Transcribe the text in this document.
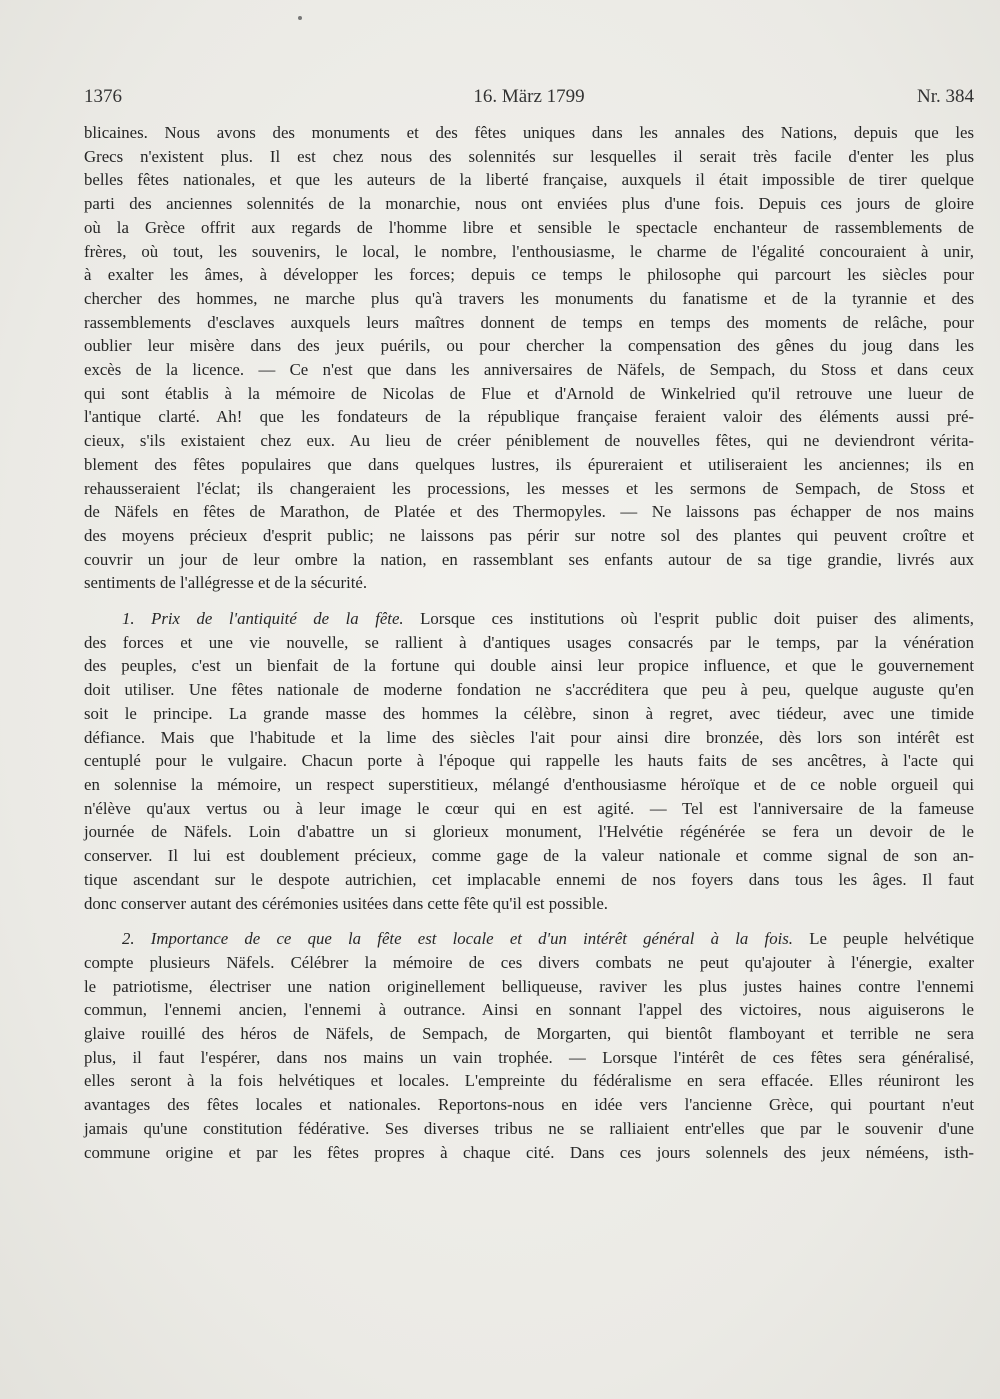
1376	16. März 1799	Nr. 384

blicaines. Nous avons des monuments et des fêtes uniques dans les annales des Nations, depuis que les
Grecs n'existent plus. Il est chez nous des solennités sur lesquelles il serait très facile d'enter les plus
belles fêtes nationales, et que les auteurs de la liberté française, auxquels il était impossible de tirer quelque
parti des anciennes solennités de la monarchie, nous ont enviées plus d'une fois. Depuis ces jours de gloire
où la Grèce offrit aux regards de l'homme libre et sensible le spectacle enchanteur de rassemblements de
frères, où tout, les souvenirs, le local, le nombre, l'enthousiasme, le charme de l'égalité concouraient à unir,
à exalter les âmes, à développer les forces; depuis ce temps le philosophe qui parcourt les siècles pour
chercher des hommes, ne marche plus qu'à travers les monuments du fanatisme et de la tyrannie et des
rassemblements d'esclaves auxquels leurs maîtres donnent de temps en temps des moments de relâche, pour
oublier leur misère dans des jeux puérils, ou pour chercher la compensation des gênes du joug dans les
excès de la licence. — Ce n'est que dans les anniversaires de Näfels, de Sempach, du Stoss et dans ceux
qui sont établis à la mémoire de Nicolas de Flue et d'Arnold de Winkelried qu'il retrouve une lueur de
l'antique clarté. Ah! que les fondateurs de la république française feraient valoir des éléments aussi pré-
cieux, s'ils existaient chez eux. Au lieu de créer péniblement de nouvelles fêtes, qui ne deviendront vérita-
blement des fêtes populaires que dans quelques lustres, ils épureraient et utiliseraient les anciennes; ils en
rehausseraient l'éclat; ils changeraient les processions, les messes et les sermons de Sempach, de Stoss et
de Näfels en fêtes de Marathon, de Platée et des Thermopyles. — Ne laissons pas échapper de nos mains
des moyens précieux d'esprit public; ne laissons pas périr sur notre sol des plantes qui peuvent croître et
couvrir un jour de leur ombre la nation, en rassemblant ses enfants autour de sa tige grandie, livrés aux
sentiments de l'allégresse et de la sécurité.

1. Prix de l'antiquité de la fête. Lorsque ces institutions où l'esprit public doit puiser des aliments,
des forces et une vie nouvelle, se rallient à d'antiques usages consacrés par le temps, par la vénération
des peuples, c'est un bienfait de la fortune qui double ainsi leur propice influence, et que le gouvernement
doit utiliser. Une fêtes nationale de moderne fondation ne s'accréditera que peu à peu, quelque auguste qu'en
soit le principe. La grande masse des hommes la célèbre, sinon à regret, avec tiédeur, avec une timide
défiance. Mais que l'habitude et la lime des siècles l'ait pour ainsi dire bronzée, dès lors son intérêt est
centuplé pour le vulgaire. Chacun porte à l'époque qui rappelle les hauts faits de ses ancêtres, à l'acte qui
en solennise la mémoire, un respect superstitieux, mélangé d'enthousiasme héroïque et de ce noble orgueil qui
n'élève qu'aux vertus ou à leur image le cœur qui en est agité. — Tel est l'anniversaire de la fameuse
journée de Näfels. Loin d'abattre un si glorieux monument, l'Helvétie régénérée se fera un devoir de le
conserver. Il lui est doublement précieux, comme gage de la valeur nationale et comme signal de son an-
tique ascendant sur le despote autrichien, cet implacable ennemi de nos foyers dans tous les âges. Il faut
donc conserver autant des cérémonies usitées dans cette fête qu'il est possible.

2. Importance de ce que la fête est locale et d'un intérêt général à la fois. Le peuple helvétique
compte plusieurs Näfels. Célébrer la mémoire de ces divers combats ne peut qu'ajouter à l'énergie, exalter
le patriotisme, électriser une nation originellement belliqueuse, raviver les plus justes haines contre l'ennemi
commun, l'ennemi ancien, l'ennemi à outrance. Ainsi en sonnant l'appel des victoires, nous aiguiserons le
glaive rouillé des héros de Näfels, de Sempach, de Morgarten, qui bientôt flamboyant et terrible ne sera
plus, il faut l'espérer, dans nos mains un vain trophée. — Lorsque l'intérêt de ces fêtes sera généralisé,
elles seront à la fois helvétiques et locales. L'empreinte du fédéralisme en sera effacée. Elles réuniront les
avantages des fêtes locales et nationales. Reportons-nous en idée vers l'ancienne Grèce, qui pourtant n'eut
jamais qu'une constitution fédérative. Ses diverses tribus ne se ralliaient entr'elles que par le souvenir d'une
commune origine et par les fêtes propres à chaque cité. Dans ces jours solennels des jeux néméens, isth-
